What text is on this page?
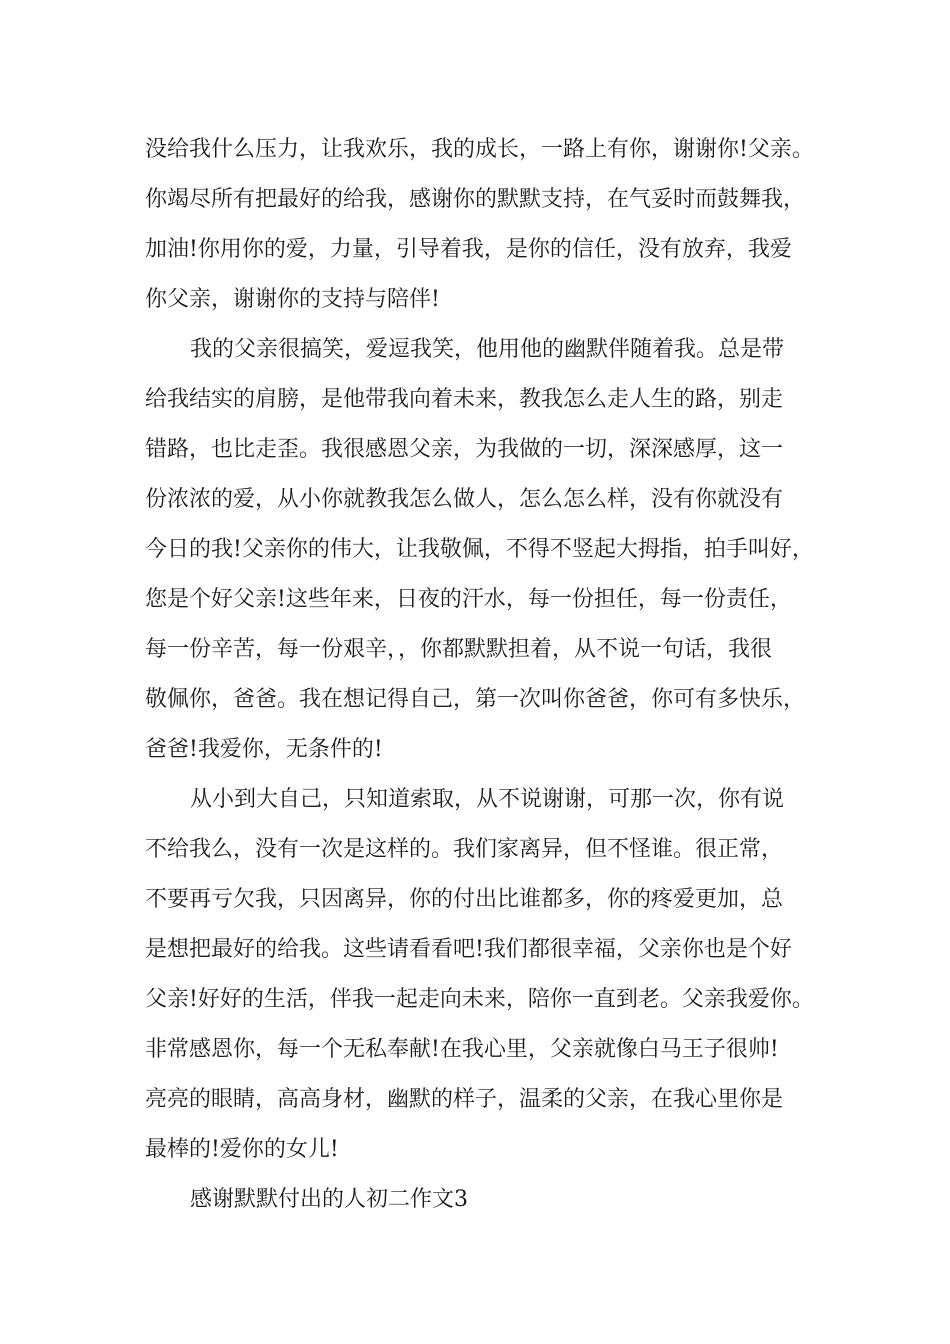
没给我什么压力，让我欢乐，我的成长，一路上有你，谢谢你!父亲。
你竭尽所有把最好的给我，感谢你的默默支持，在气妥时而鼓舞我，
加油!你用你的爱，力量，引导着我，是你的信任，没有放弃，我爱
你父亲，谢谢你的支持与陪伴!
我的父亲很搞笑，爱逗我笑，他用他的幽默伴随着我。总是带
给我结实的肩膀，是他带我向着未来，教我怎么走人生的路，别走
错路，也比走歪。我很感恩父亲，为我做的一切，深深感厚，这一
份浓浓的爱，从小你就教我怎么做人，怎么怎么样，没有你就没有
今日的我!父亲你的伟大，让我敬佩，不得不竖起大拇指，拍手叫好，
您是个好父亲!这些年来，日夜的汗水，每一份担任，每一份责任，
每一份辛苦，每一份艰辛，，你都默默担着，从不说一句话，我很
敬佩你，爸爸。我在想记得自己，第一次叫你爸爸，你可有多快乐，
爸爸!我爱你，无条件的!
从小到大自己，只知道索取，从不说谢谢，可那一次，你有说
不给我么，没有一次是这样的。我们家离异，但不怪谁。很正常，
不要再亏欠我，只因离异，你的付出比谁都多，你的疼爱更加，总
是想把最好的给我。这些请看看吧!我们都很幸福，父亲你也是个好
父亲!好好的生活，伴我一起走向未来，陪你一直到老。父亲我爱你。
非常感恩你，每一个无私奉献!在我心里，父亲就像白马王子很帅!
亮亮的眼睛，高高身材，幽默的样子，温柔的父亲，在我心里你是
最棒的!爱你的女儿!
感谢默默付出的人初二作文3
